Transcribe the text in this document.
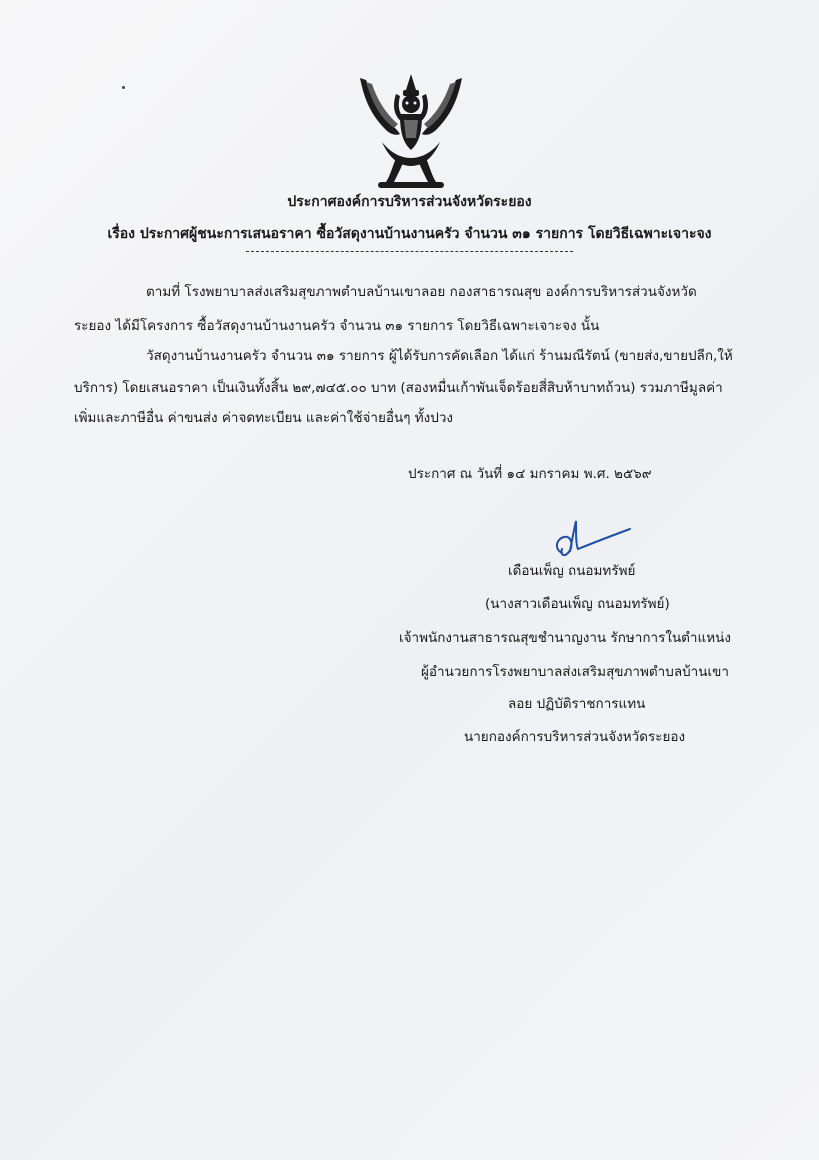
ประกาศองค์การบริหารส่วนจังหวัดระยอง
เรื่อง ประกาศผู้ชนะการเสนอราคา ซื้อวัสดุงานบ้านงานครัว จำนวน ๓๑ รายการ โดยวิธีเฉพาะเจาะจง
ตามที่ โรงพยาบาลส่งเสริมสุขภาพตำบลบ้านเขาลอย กองสาธารณสุข องค์การบริหารส่วนจังหวัด
ระยอง ได้มีโครงการ ซื้อวัสดุงานบ้านงานครัว จำนวน ๓๑ รายการ โดยวิธีเฉพาะเจาะจง นั้น
วัสดุงานบ้านงานครัว จำนวน ๓๑ รายการ ผู้ได้รับการคัดเลือก ได้แก่ ร้านมณีรัตน์ (ขายส่ง,ขายปลีก,ให้
บริการ) โดยเสนอราคา เป็นเงินทั้งสิ้น ๒๙,๗๔๕.๐๐ บาท (สองหมื่นเก้าพันเจ็ดร้อยสี่สิบห้าบาทถ้วน) รวมภาษีมูลค่า
เพิ่มและภาษีอื่น ค่าขนส่ง ค่าจดทะเบียน และค่าใช้จ่ายอื่นๆ ทั้งปวง
ประกาศ ณ วันที่ ๑๔ มกราคม พ.ศ. ๒๕๖๙
เดือนเพ็ญ ถนอมทรัพย์
(นางสาวเดือนเพ็ญ ถนอมทรัพย์)
เจ้าพนักงานสาธารณสุขชำนาญงาน รักษาการในตำแหน่ง
ผู้อำนวยการโรงพยาบาลส่งเสริมสุขภาพตำบลบ้านเขา
ลอย ปฏิบัติราชการแทน
นายกองค์การบริหารส่วนจังหวัดระยอง
